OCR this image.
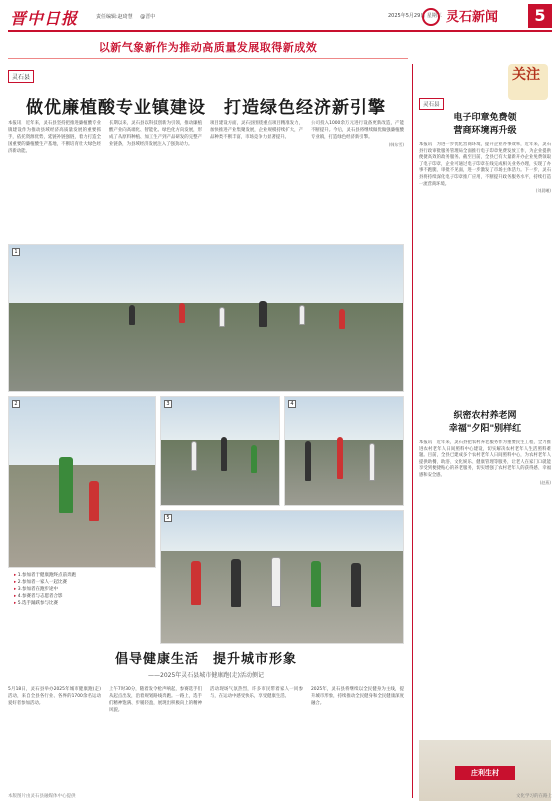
晋中日报	责任编辑:赵琦慧 @晋中	2025年5月29日 星期三 灵石新闻	5
以新气象新作为推动高质量发展取得新成效
灵石县
做优廉植酸专业镇建设　打造绿色经济新引擎
本报讯　近年来，灵石县坚持把推进廉植酸专业镇建设作为推动县域经济高质量发展的重要抓手，依托资源优势，延链补链强链，着力打造全国重要的廉植酸生产基地，不断培育壮大绿色经济新动能。
长期以来，灵石县以科技创新为引领，推动廉植酸产业向高端化、智能化、绿色化方向发展，形成了从原料种植、加工生产到产品研发的完整产业链条，为县域经济发展注入了强劲动力。
项目建设方面，灵石县围绕重点项目精准发力，加快推进产业集聚发展，企业规模持续扩大，产品种类不断丰富，市场竞争力显著提升。
公司投入1000余万元进行设备更新改造，产能不断提升。今后，灵石县将继续做优做强廉植酸专业镇，打造绿色经济新引擎。
(韩东雪)
1
2	3	4
5
▸ 1.参加者于健康跑终点前奔跑
▸ 2.参加者一家人一起比赛
▸ 3.参加者在跑步途中
▸ 4.参赛者与志愿者合影
▸ 5.选手踊跃参与比赛
倡导健康生活　提升城市形象
——2025年灵石县城市健康跑(走)活动侧记
5月18日，灵石县举办2025年城市健康跑(走)活动，来自全县各行业、各界的1700余名运动爱好者参加活动。
上午7时30分，随着发令枪声响起，参赛选手们从起点出发，沿着规划路线奔跑。一路上，选手们精神饱满、步履轻盈，展现出积极向上的精神风貌。
活动现场气氛热烈，许多市民带着家人一同参与，在运动中感受快乐，享受健康生活。
2025年，灵石县将继续以全民健身为主线，提升城市形象，持续推动全民健身和全民健康深度融合。
关注
灵石县
电子印章免费领
营商环境再升级
本报讯　为进一步优化营商环境，提升企业办事效率，近年来，灵石县行政审批服务管理局全面推行电子印章免费发放工作，为企业提供便捷高效的政务服务。截至目前，全县已有大量新开办企业免费领取了电子印章，企业可通过电子印章在线完成相关业务办理，实现了办事不跑腿、审批不见面，进一步激发了市场主体活力。下一步，灵石县将持续深化电子印章推广应用，不断提升政务服务水平，持续打造一流营商环境。
(刘晨曦)
织密农村养老网
幸福"夕阳"别样红
本报讯　近年来，灵石县把农村养老服务作为重要民生工程，全力推进农村老年人日间照料中心建设，切实解决农村老年人生活照料难题。目前，全县已建成多个农村老年人日间照料中心，为农村老年人提供助餐、助浴、文化娱乐、健康管理等服务，让老人在家门口就能享受到便捷贴心的养老服务，切实增强了农村老年人的获得感、幸福感和安全感。
(赵燕)
庄利生村
本版图片由灵石县融媒体中心提供	文化学习的在路上
